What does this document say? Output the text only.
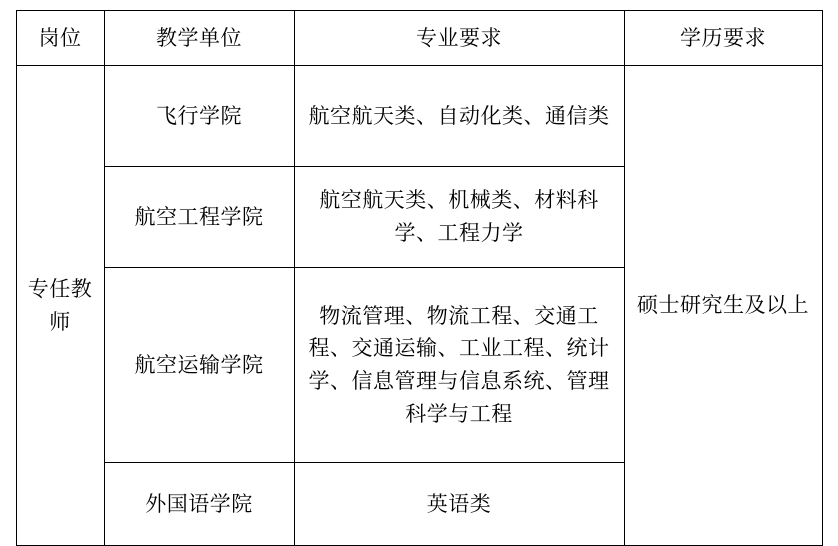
岗位	教学单位	专业要求	学历要求
专任教师	飞行学院	航空航天类、自动化类、通信类	硕士研究生及以上
	航空工程学院	航空航天类、机械类、材料科学、工程力学	
	航空运输学院	物流管理、物流工程、交通工程、交通运输、工业工程、统计学、信息管理与信息系统、管理科学与工程	
	外国语学院	英语类	
